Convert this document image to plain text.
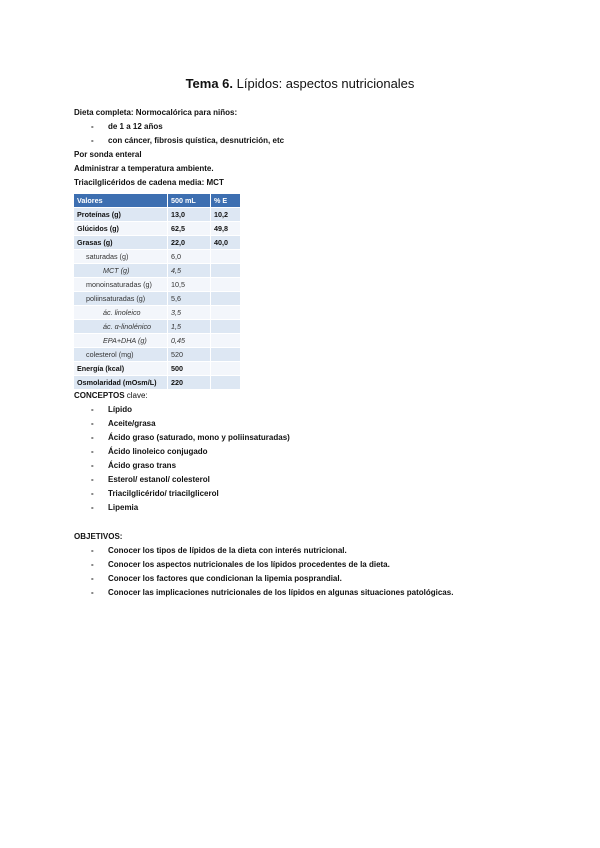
Tema 6. Lípidos: aspectos nutricionales
Dieta completa: Normocalórica para niños:
-	de 1 a 12 años
-	con cáncer, fibrosis quística, desnutrición, etc
Por sonda enteral
Administrar a temperatura ambiente.
Triacilglicéridos de cadena media: MCT
Valores	500 mL	% E
Proteínas (g)	13,0	10,2
Glúcidos (g)	62,5	49,8
Grasas (g)	22,0	40,0
saturadas (g)	6,0	
MCT (g)	4,5	
monoinsaturadas (g)	10,5	
poliinsaturadas (g)	5,6	
ác. linoleico	3,5	
ác. α-linolénico	1,5	
EPA+DHA (g)	0,45	
colesterol (mg)	520	
Energía (kcal)	500	
Osmolaridad (mOsm/L)	220	
CONCEPTOS clave:
-	Lípido
-	Aceite/grasa
-	Ácido graso (saturado, mono y poliinsaturadas)
-	Ácido linoleico conjugado
-	Ácido graso trans
-	Esterol/ estanol/ colesterol
-	Triacilglicérido/ triacilglicerol
-	Lipemia
OBJETIVOS:
-	Conocer los tipos de lípidos de la dieta con interés nutricional.
-	Conocer los aspectos nutricionales de los lípidos procedentes de la dieta.
-	Conocer los factores que condicionan la lipemia posprandial.
-	Conocer las implicaciones nutricionales de los lípidos en algunas situaciones patológicas.
